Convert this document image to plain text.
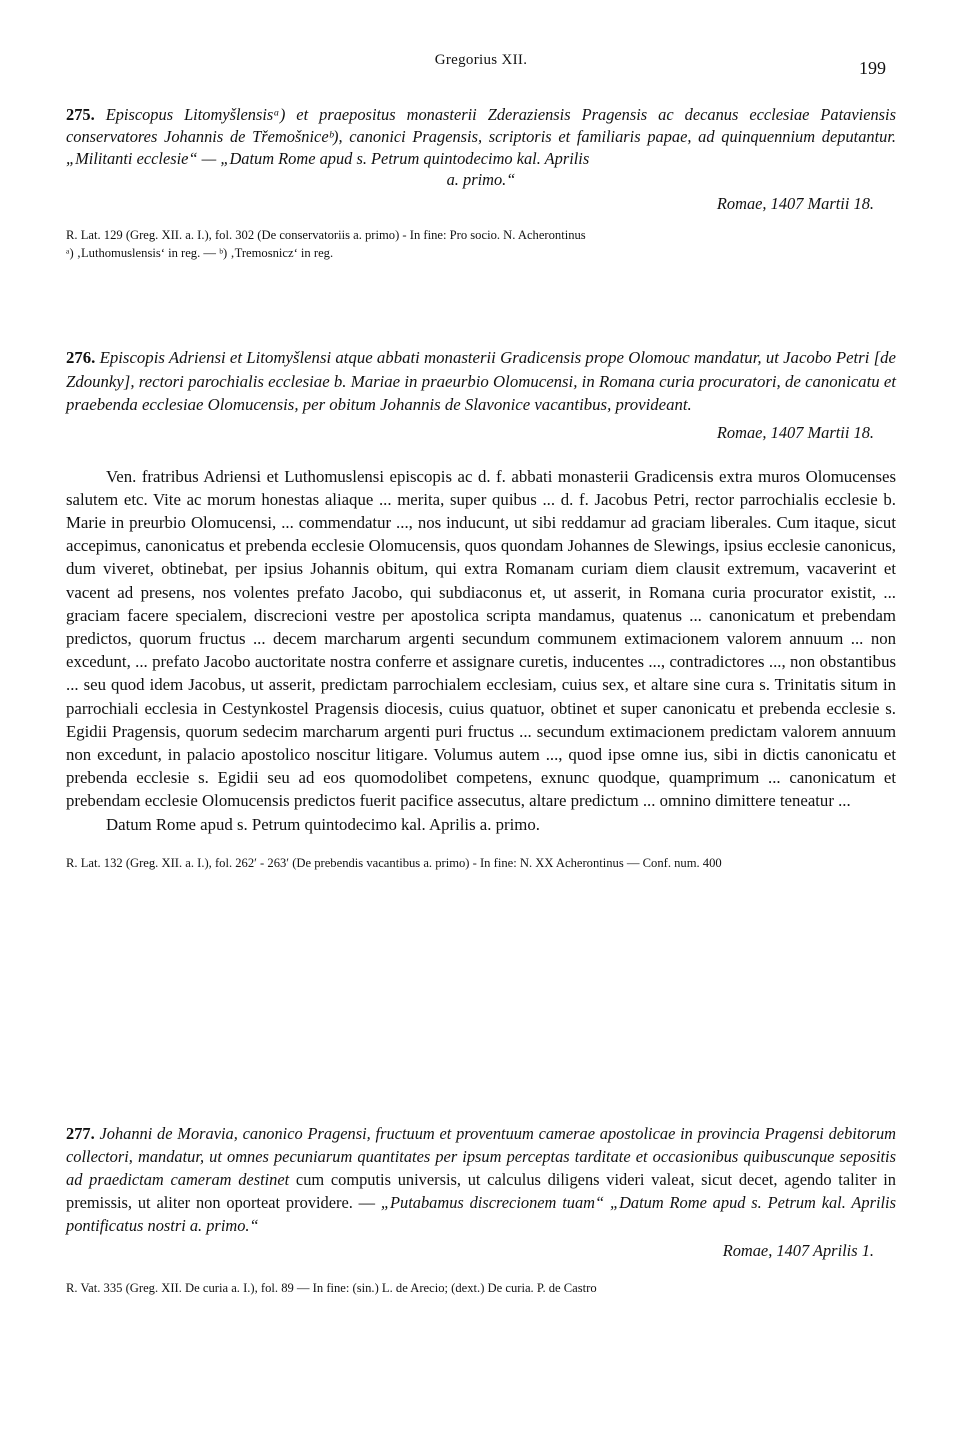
Gregorius XII.	199

275. Episcopus Litomyšlensisᵃ) et praepositus monasterii Zderaziensis Pragensis ac decanus ecclesiae Pataviensis conservatores Johannis de Třemošniceᵇ), canonici Pragensis, scriptoris et familiaris papae, ad quinquennium deputantur. „Militanti ecclesie“ — „Datum Rome apud s. Petrum quintodecimo kal. Aprilis

a. primo.“

Romae, 1407 Martii 18.

R. Lat. 129 (Greg. XII. a. I.), fol. 302 (De conservatoriis a. primo) - In fine: Pro socio. N. Acherontinus

ᵃ) ‚Luthomuslensis‘ in reg. — ᵇ) ‚Tremosnicz‘ in reg.

276. Episcopis Adriensi et Litomyšlensi atque abbati monasterii Gradicensis prope Olomouc mandatur, ut Jacobo Petri [de Zdounky], rectori parochialis ecclesiae b. Mariae in praeurbio Olomucensi, in Romana curia procuratori, de canonicatu et praebenda ecclesiae Olomucensis, per obitum Johannis de Slavonice vacantibus, provideant.

Romae, 1407 Martii 18.

Ven. fratribus Adriensi et Luthomuslensi episcopis ac d. f. abbati monasterii Gradicensis extra muros Olomucenses salutem etc. Vite ac morum honestas aliaque ... merita, super quibus ... d. f. Jacobus Petri, rector parrochialis ecclesie b. Marie in preurbio Olomucensi, ... commendatur ..., nos inducunt, ut sibi reddamur ad graciam liberales. Cum itaque, sicut accepimus, canonicatus et prebenda ecclesie Olomucensis, quos quondam Johannes de Slewings, ipsius ecclesie canonicus, dum viveret, obtinebat, per ipsius Johannis obitum, qui extra Romanam curiam diem clausit extremum, vacaverint et vacent ad presens, nos volentes prefato Jacobo, qui subdiaconus et, ut asserit, in Romana curia procurator existit, ... graciam facere specialem, discrecioni vestre per apostolica scripta mandamus, quatenus ... canonicatum et prebendam predictos, quorum fructus ... decem marcharum argenti secundum communem extimacionem valorem annuum ... non excedunt, ... prefato Jacobo auctoritate nostra conferre et assignare curetis, inducentes ..., contradictores ..., non obstantibus ... seu quod idem Jacobus, ut asserit, predictam parrochialem ecclesiam, cuius sex, et altare sine cura s. Trinitatis situm in parrochiali ecclesia in Cestynkostel Pragensis diocesis, cuius quatuor, obtinet et super canonicatu et prebenda ecclesie s. Egidii Pragensis, quorum sedecim marcharum argenti puri fructus ... secundum extimacionem predictam valorem annuum non excedunt, in palacio apostolico noscitur litigare. Volumus autem ..., quod ipse omne ius, sibi in dictis canonicatu et prebenda ecclesie s. Egidii seu ad eos quomodolibet competens, exnunc quodque, quamprimum ... canonicatum et prebendam ecclesie Olomucensis predictos fuerit pacifice assecutus, altare predictum ... omnino dimittere teneatur ...

Datum Rome apud s. Petrum quintodecimo kal. Aprilis a. primo.

R. Lat. 132 (Greg. XII. a. I.), fol. 262′ - 263′ (De prebendis vacantibus a. primo) - In fine: N. XX Acherontinus — Conf. num. 400

277. Johanni de Moravia, canonico Pragensi, fructuum et proventuum camerae apostolicae in provincia Pragensi debitorum collectori, mandatur, ut omnes pecuniarum quantitates per ipsum perceptas tarditate et occasionibus quibuscunque sepositis ad praedictam cameram destinet cum computis universis, ut calculus diligens videri valeat, sicut decet, agendo taliter in premissis, ut aliter non oporteat providere. — „Putabamus discrecionem tuam“ „Datum Rome apud s. Petrum kal. Aprilis pontificatus nostri a. primo.“

Romae, 1407 Aprilis 1.

R. Vat. 335 (Greg. XII. De curia a. I.), fol. 89 — In fine: (sin.) L. de Arecio; (dext.) De curia. P. de Castro
